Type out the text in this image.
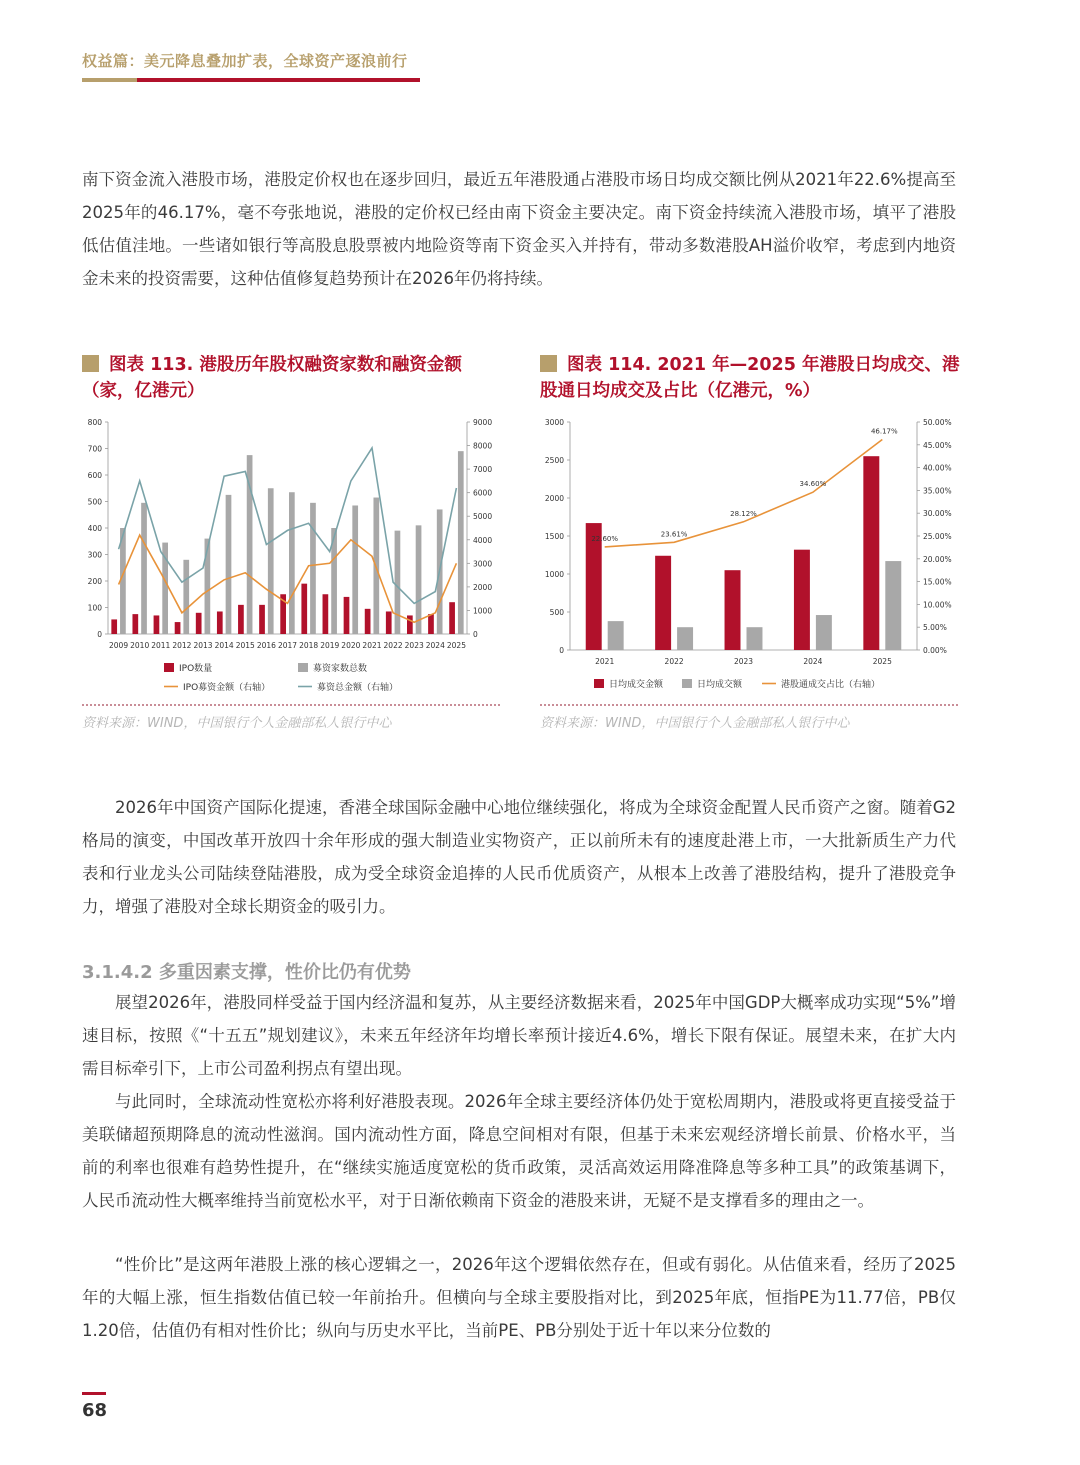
权益篇：美元降息叠加扩表，全球资产逐浪前行

南下资金流入港股市场，港股定价权也在逐步回归，最近五年港股通占港股市场日均成交额比例从2021年22.6%提高至2025年的46.17%，毫不夸张地说，港股的定价权已经由南下资金主要决定。南下资金持续流入港股市场，填平了港股低估值洼地。一些诸如银行等高股息股票被内地险资等南下资金买入并持有，带动多数港股AH溢价收窄，考虑到内地资金未来的投资需要，这种估值修复趋势预计在2026年仍将持续。

图表 113. 港股历年股权融资家数和融资金额（家，亿港元）

图表 114. 2021 年—2025 年港股日均成交、港股通日均成交及占比（亿港元，%）

0
100
200
300
400
500
600
700
800
0
1000
2000
3000
4000
5000
6000
7000
8000
9000
2009 2010 2011 2012 2013 2014 2015 2016 2017 2018 2019 2020 2021 2022 2023 2024 2025
IPO数量	募资家数总数
IPO募资金额（右轴）	募资总金额（右轴）
0
500
1000
1500
2000
2500
3000
0.00%
5.00%
10.00%
15.00%
20.00%
25.00%
30.00%
35.00%
40.00%
45.00%
50.00%
22.60%
23.61%
28.12%
34.60%
46.17%
2021	2022	2023	2024	2025
日均成交金额	日均成交额	港股通成交占比（右轴）
资料来源：WIND，中国银行个人金融部私人银行中心	资料来源：WIND，中国银行个人金融部私人银行中心

2026年中国资产国际化提速，香港全球国际金融中心地位继续强化，将成为全球资金配置人民币资产之窗。随着G2格局的演变，中国改革开放四十余年形成的强大制造业实物资产，正以前所未有的速度赴港上市，一大批新质生产力代表和行业龙头公司陆续登陆港股，成为受全球资金追捧的人民币优质资产，从根本上改善了港股结构，提升了港股竞争力，增强了港股对全球长期资金的吸引力。

3.1.4.2 多重因素支撑，性价比仍有优势

展望2026年，港股同样受益于国内经济温和复苏，从主要经济数据来看，2025年中国GDP大概率成功实现“5%”增速目标，按照《“十五五”规划建议》，未来五年经济年均增长率预计接近4.6%，增长下限有保证。展望未来，在扩大内需目标牵引下，上市公司盈利拐点有望出现。

与此同时，全球流动性宽松亦将利好港股表现。2026年全球主要经济体仍处于宽松周期内，港股或将更直接受益于美联储超预期降息的流动性滋润。国内流动性方面，降息空间相对有限，但基于未来宏观经济增长前景、价格水平，当前的利率也很难有趋势性提升，在“继续实施适度宽松的货币政策，灵活高效运用降准降息等多种工具”的政策基调下，人民币流动性大概率维持当前宽松水平，对于日渐依赖南下资金的港股来讲，无疑不是支撑看多的理由之一。

“性价比”是这两年港股上涨的核心逻辑之一，2026年这个逻辑依然存在，但或有弱化。从估值来看，经历了2025年的大幅上涨，恒生指数估值已较一年前抬升。但横向与全球主要股指对比，到2025年底，恒指PE为11.77倍，PB仅1.20倍，估值仍有相对性价比；纵向与历史水平比，当前PE、PB分别处于近十年以来分位数的

68
